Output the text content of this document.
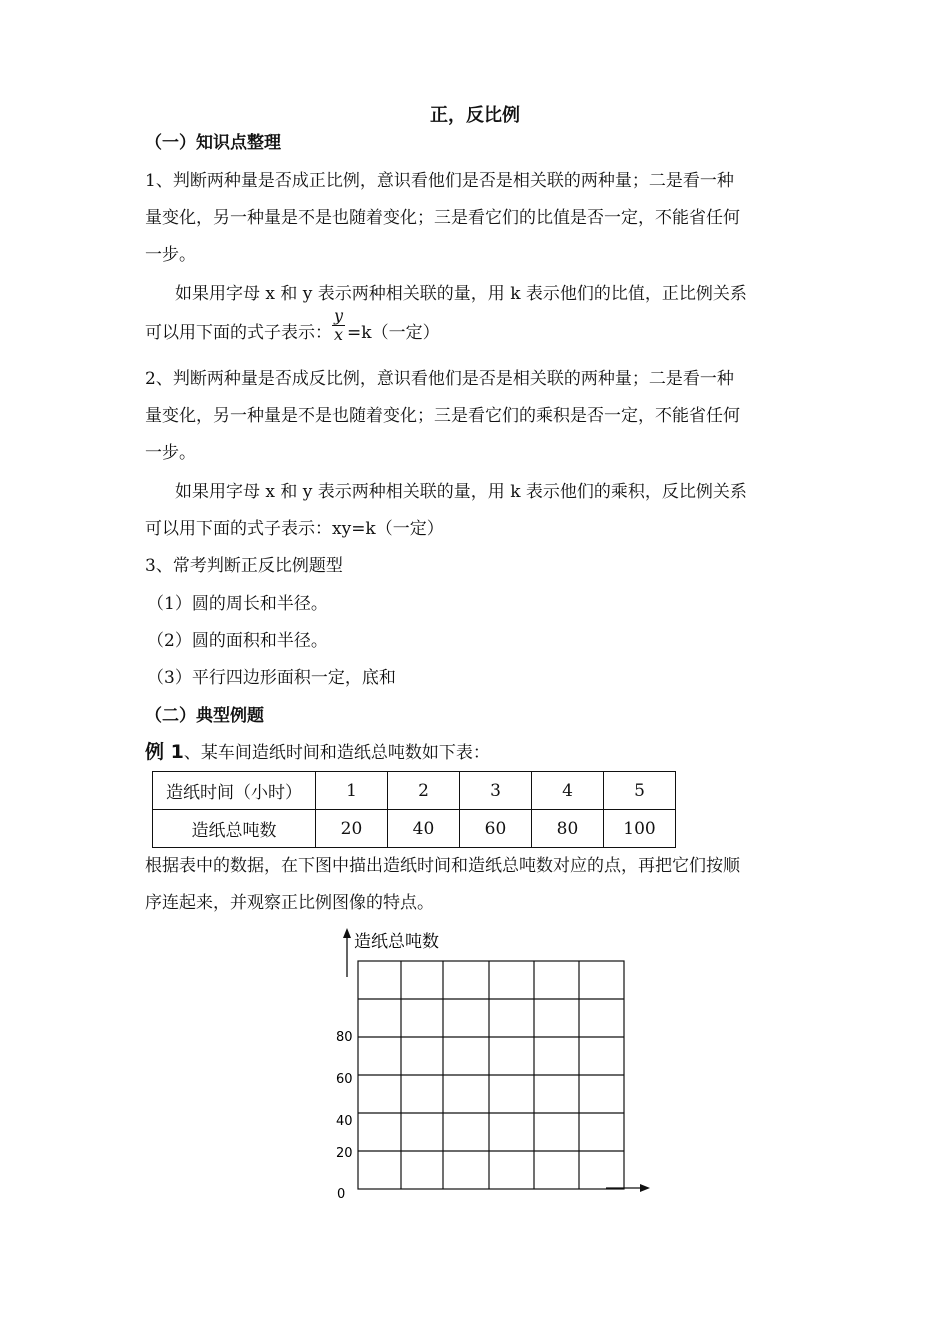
正，反比例
（一）知识点整理
1、判断两种量是否成正比例，意识看他们是否是相关联的两种量；二是看一种
量变化，另一种量是不是也随着变化；三是看它们的比值是否一定，不能省任何
一步。
如果用字母 x 和 y 表示两种相关联的量，用 k 表示他们的比值，正比例关系
可以用下面的式子表示： $\frac{y}{x} =k$（一定）
2、判断两种量是否成反比例，意识看他们是否是相关联的两种量；二是看一种
量变化，另一种量是不是也随着变化；三是看它们的乘积是否一定，不能省任何
一步。
如果用字母 x 和 y 表示两种相关联的量，用 k 表示他们的乘积，反比例关系
可以用下面的式子表示：xy=k（一定）
3、常考判断正反比例题型
（1）圆的周长和半径。
（2）圆的面积和半径。
（3）平行四边形面积一定，底和
（二）典型例题
例 1、某车间造纸时间和造纸总吨数如下表：
造纸时间（小时）	1	2	3	4	5
造纸总吨数	20	40	60	80	100
根据表中的数据，在下图中描出造纸时间和造纸总吨数对应的点，再把它们按顺
序连起来，并观察正比例图像的特点。
造纸总吨数
80
60
40
20
0
